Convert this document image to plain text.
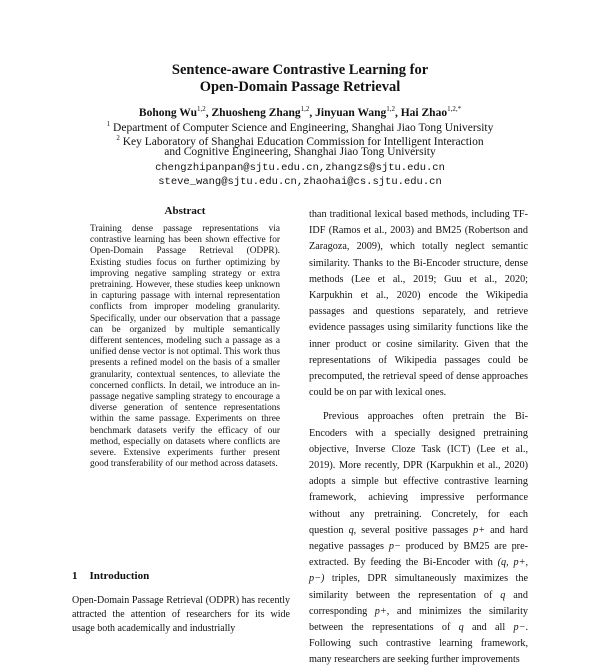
Sentence-aware Contrastive Learning for
Open-Domain Passage Retrieval
Bohong Wu$^{1,2}$, Zhuosheng Zhang$^{1,2}$, Jinyuan Wang$^{1,2}$, Hai Zhao$^{1,2,*}$
$^1$ Department of Computer Science and Engineering, Shanghai Jiao Tong University
$^2$ Key Laboratory of Shanghai Education Commission for Intelligent Interaction
and Cognitive Engineering, Shanghai Jiao Tong University
chengzhipanpan@sjtu.edu.cn,zhangzs@sjtu.edu.cn
steve_wang@sjtu.edu.cn,zhaohai@cs.sjtu.edu.cn
Abstract

Training dense passage representations via contrastive learning has been shown effective for Open-Domain Passage Retrieval (ODPR). Existing studies focus on further optimizing by improving negative sampling strategy or extra pretraining. However, these studies keep unknown in capturing passage with internal representation conflicts from improper modeling granularity. Specifically, under our observation that a passage can be organized by multiple semantically different sentences, modeling such a passage as a unified dense vector is not optimal. This work thus presents a refined model on the basis of a smaller granularity, contextual sentences, to alleviate the concerned conflicts. In detail, we introduce an in-passage negative sampling strategy to encourage a diverse generation of sentence representations within the same passage. Experiments on three benchmark datasets verify the efficacy of our method, especially on datasets where conflicts are severe. Extensive experiments further present good transferability of our method across datasets.

1 Introduction

Open-Domain Passage Retrieval (ODPR) has recently attracted the attention of researchers for its wide usage both academically and industrially

than traditional lexical based methods, including TF-IDF (Ramos et al., 2003) and BM25 (Robertson and Zaragoza, 2009), which totally neglect semantic similarity. Thanks to the Bi-Encoder structure, dense methods (Lee et al., 2019; Guu et al., 2020; Karpukhin et al., 2020) encode the Wikipedia passages and questions separately, and retrieve evidence passages using similarity functions like the inner product or cosine similarity. Given that the representations of Wikipedia passages could be precomputed, the retrieval speed of dense approaches could be on par with lexical ones.

Previous approaches often pretrain the Bi-Encoders with a specially designed pretraining objective, Inverse Cloze Task (ICT) (Lee et al., 2019). More recently, DPR (Karpukhin et al., 2020) adopts a simple but effective contrastive learning framework, achieving impressive performance without any pretraining. Concretely, for each question q, several positive passages p+ and hard negative passages p− produced by BM25 are pre-extracted. By feeding the Bi-Encoder with (q, p+, p−) triples, DPR simultaneously maximizes the similarity between the representation of q and corresponding p+, and minimizes the similarity between the representations of q and all p−. Following such contrastive learning framework, many researchers are seeking further improvements
